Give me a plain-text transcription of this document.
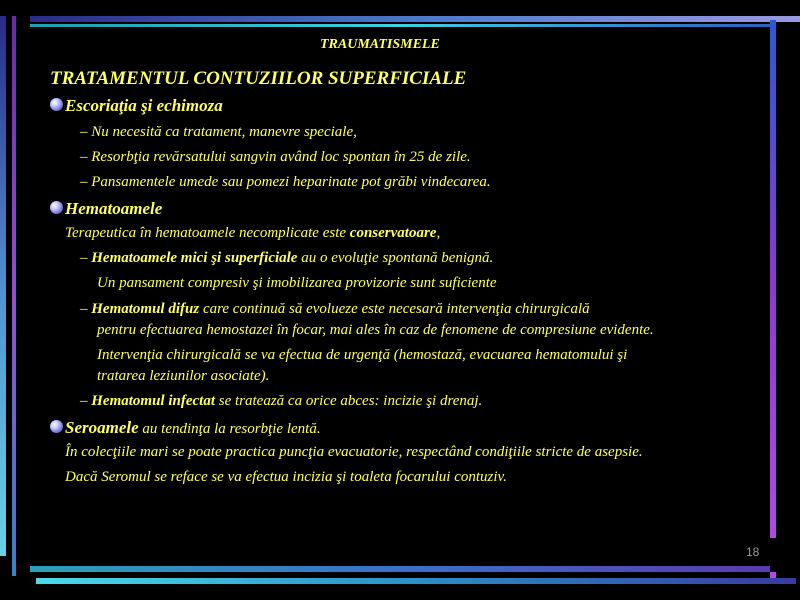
TRAUMATISMELE
TRATAMENTUL CONTUZIILOR SUPERFICIALE
Escoriaţia şi echimoza
– Nu necesită ca tratament, manevre speciale,
– Resorbţia revărsatului sangvin având loc spontan în 25 de zile.
– Pansamentele umede sau pomezi heparinate pot grăbi vindecarea.
Hematoamele
Terapeutica în hematoamele necomplicate este conservatoare,
– Hematoamele mici şi superficiale au o evoluţie spontană benignă.
Un pansament compresiv şi imobilizarea provizorie sunt suficiente
– Hematomul difuz care continuă să evolueze este necesară intervenţia chirurgicală
pentru efectuarea hemostazei în focar, mai ales în caz de fenomene de compresiune evidente.
Intervenţia chirurgicală se va efectua de urgenţă (hemostază, evacuarea hematomului şi
tratarea leziunilor asociate).
– Hematomul infectat se tratează ca orice abces: incizie şi drenaj.
Seroamele au tendinţa la resorbţie lentă.
În colecţiile mari se poate practica puncţia evacuatorie, respectând condiţiile stricte de asepsie.
Dacă Seromul se reface se va efectua incizia şi toaleta focarului contuziv.
18
